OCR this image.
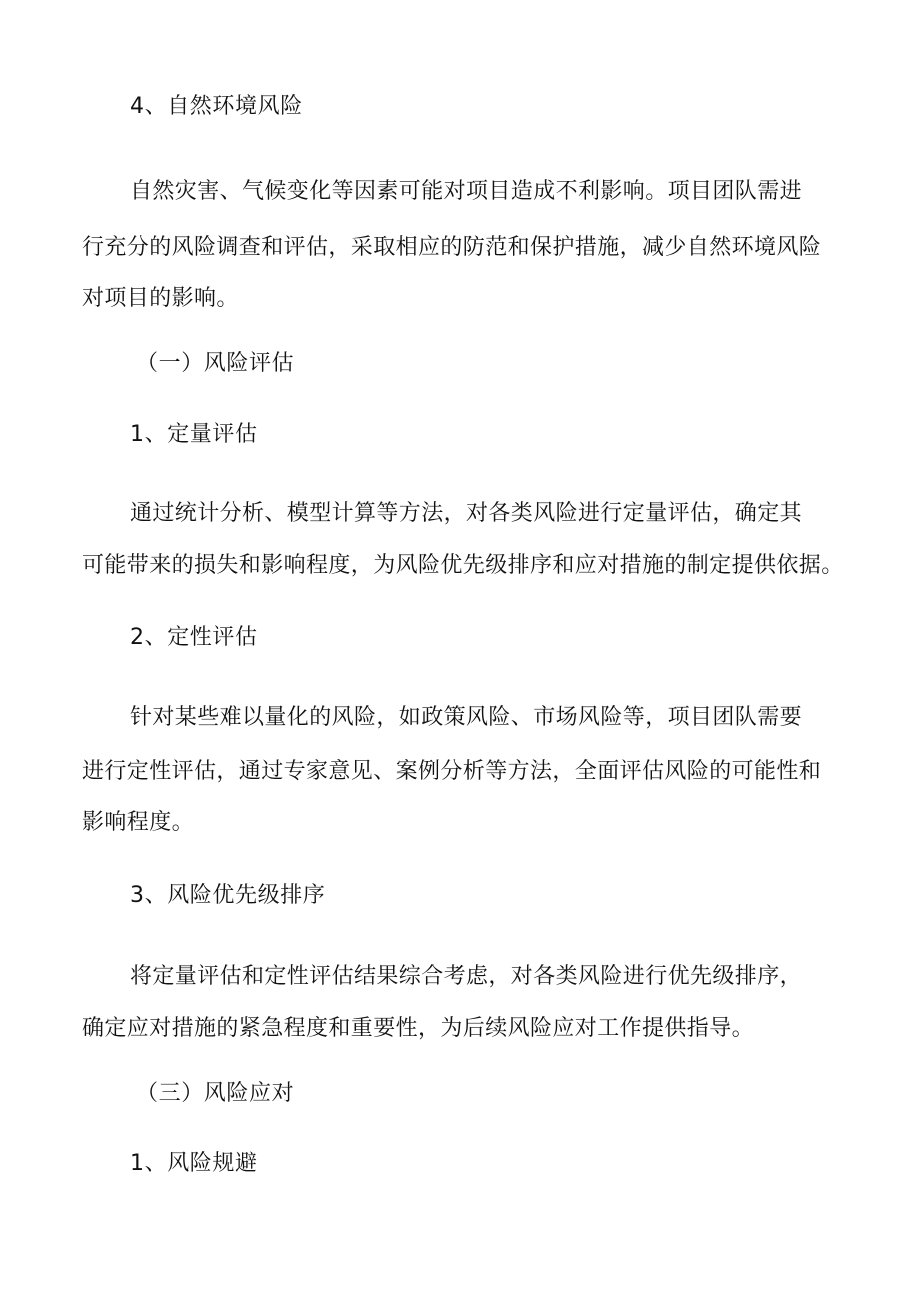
4、自然环境风险
自然灾害、气候变化等因素可能对项目造成不利影响。项目团队需进
行充分的风险调查和评估，采取相应的防范和保护措施，减少自然环境风险
对项目的影响。
（一）风险评估
1、定量评估
通过统计分析、模型计算等方法，对各类风险进行定量评估，确定其
可能带来的损失和影响程度，为风险优先级排序和应对措施的制定提供依据。
2、定性评估
针对某些难以量化的风险，如政策风险、市场风险等，项目团队需要
进行定性评估，通过专家意见、案例分析等方法，全面评估风险的可能性和
影响程度。
3、风险优先级排序
将定量评估和定性评估结果综合考虑，对各类风险进行优先级排序，
确定应对措施的紧急程度和重要性，为后续风险应对工作提供指导。
（三）风险应对
1、风险规避
